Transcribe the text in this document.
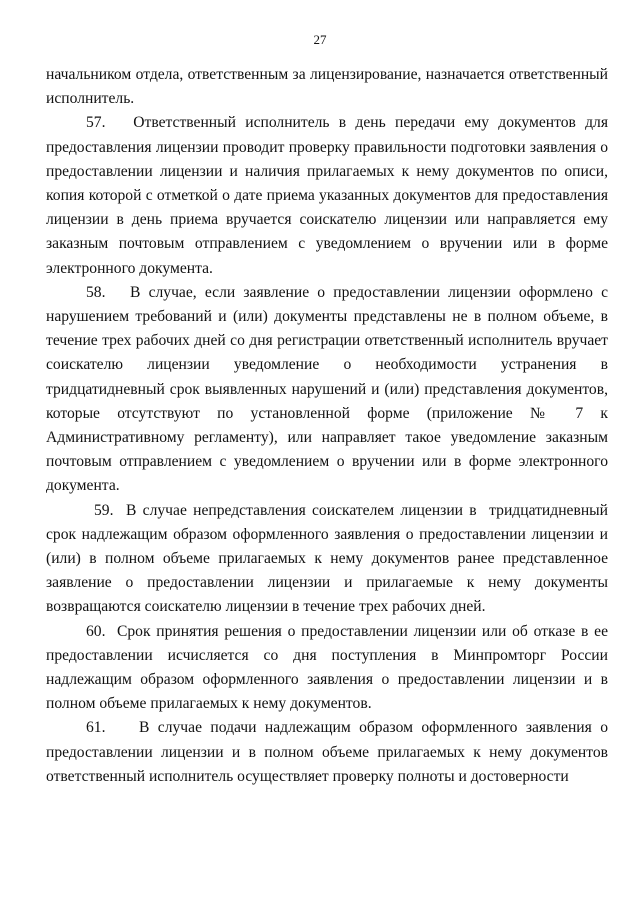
27

начальником отдела, ответственным за лицензирование, назначается ответственный исполнитель.

57.   Ответственный исполнитель в день передачи ему документов для предоставления лицензии проводит проверку правильности подготовки заявления о предоставлении лицензии и наличия прилагаемых к нему документов по описи, копия которой с отметкой о дате приема указанных документов для предоставления лицензии в день приема вручается соискателю лицензии или направляется ему заказным почтовым отправлением с уведомлением о вручении или в форме электронного документа.

58.   В случае, если заявление о предоставлении лицензии оформлено с нарушением требований и (или) документы представлены не в полном объеме, в течение трех рабочих дней со дня регистрации ответственный исполнитель вручает соискателю лицензии уведомление о необходимости устранения в тридцатидневный срок выявленных нарушений и (или) представления документов, которые отсутствуют по установленной форме (приложение № 7 к Административному регламенту), или направляет такое уведомление заказным почтовым отправлением с уведомлением о вручении или в форме электронного документа.

59.  В случае непредставления соискателем лицензии в  тридцатидневный срок надлежащим образом оформленного заявления о предоставлении лицензии и (или) в полном объеме прилагаемых к нему документов ранее представленное заявление о предоставлении лицензии и прилагаемые к нему документы возвращаются соискателю лицензии в течение трех рабочих дней.

60.  Срок принятия решения о предоставлении лицензии или об отказе в ее предоставлении исчисляется со дня поступления в Минпромторг России надлежащим образом оформленного заявления о предоставлении лицензии и в полном объеме прилагаемых к нему документов.

61.    В случае подачи надлежащим образом оформленного заявления о предоставлении лицензии и в полном объеме прилагаемых к нему документов ответственный исполнитель осуществляет проверку полноты и достоверности
